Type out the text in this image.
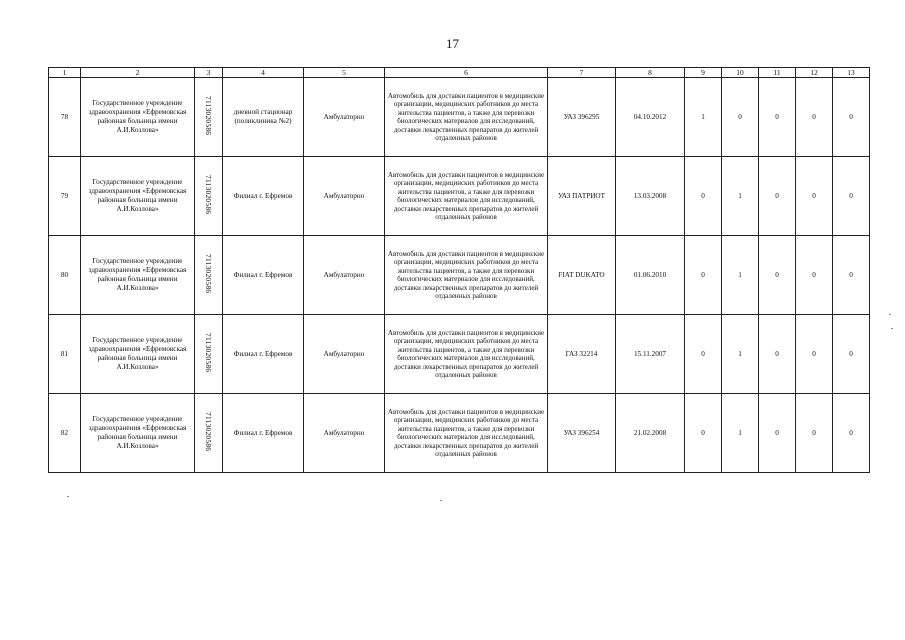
17
1	2	3	4	5	6	7	8	9	10	11	12	13
78	Государственное учреждение здравоохранения «Ефремовская районная больница имени А.И.Козлова»	7113020586	дневной стационар (поликлиника №2)	Амбулаторно	Автомобиль для доставки пациентов в медицинские организации, медицинских работников до места жительства пациентов, а также для перевозки биологических материалов для исследований, доставки лекарственных препаратов до жителей отдаленных районов	УАЗ 396295	04.10.2012	1	0	0	0	0
79	Государственное учреждение здравоохранения «Ефремовская районная больница имени А.И.Козлова»	7113020586	Филиал г. Ефремов	Амбулаторно	Автомобиль для доставки пациентов в медицинские организации, медицинских работников до места жительства пациентов, а также для перевозки биологических материалов для исследований, доставки лекарственных препаратов до жителей отдаленных районов	УАЗ ПАТРИОТ	13.03.2008	0	1	0	0	0
80	Государственное учреждение здравоохранения «Ефремовская районная больница имени А.И.Козлова»	7113020586	Филиал г. Ефремов	Амбулаторно	Автомобиль для доставки пациентов в медицинские организации, медицинских работников до места жительства пациентов, а также для перевозки биологических материалов для исследований, доставки лекарственных препаратов до жителей отдаленных районов	FIAT DUKATO	01.06.2010	0	1	0	0	0
81	Государственное учреждение здравоохранения «Ефремовская районная больница имени А.И.Козлова»	7113020586	Филиал г. Ефремов	Амбулаторно	Автомобиль для доставки пациентов в медицинские организации, медицинских работников до места жительства пациентов, а также для перевозки биологических материалов для исследований, доставки лекарственных препаратов до жителей отдаленных районов	ГАЗ 32214	15.11.2007	0	1	0	0	0
82	Государственное учреждение здравоохранения «Ефремовская районная больница имени А.И.Козлова»	7113020586	Филиал г. Ефремов	Амбулаторно	Автомобиль для доставки пациентов в медицинские организации, медицинских работников до места жительства пациентов, а также для перевозки биологических материалов для исследований, доставки лекарственных препаратов до жителей отдаленных районов	УАЗ 396254	21.02.2008	0	1	0	0	0
